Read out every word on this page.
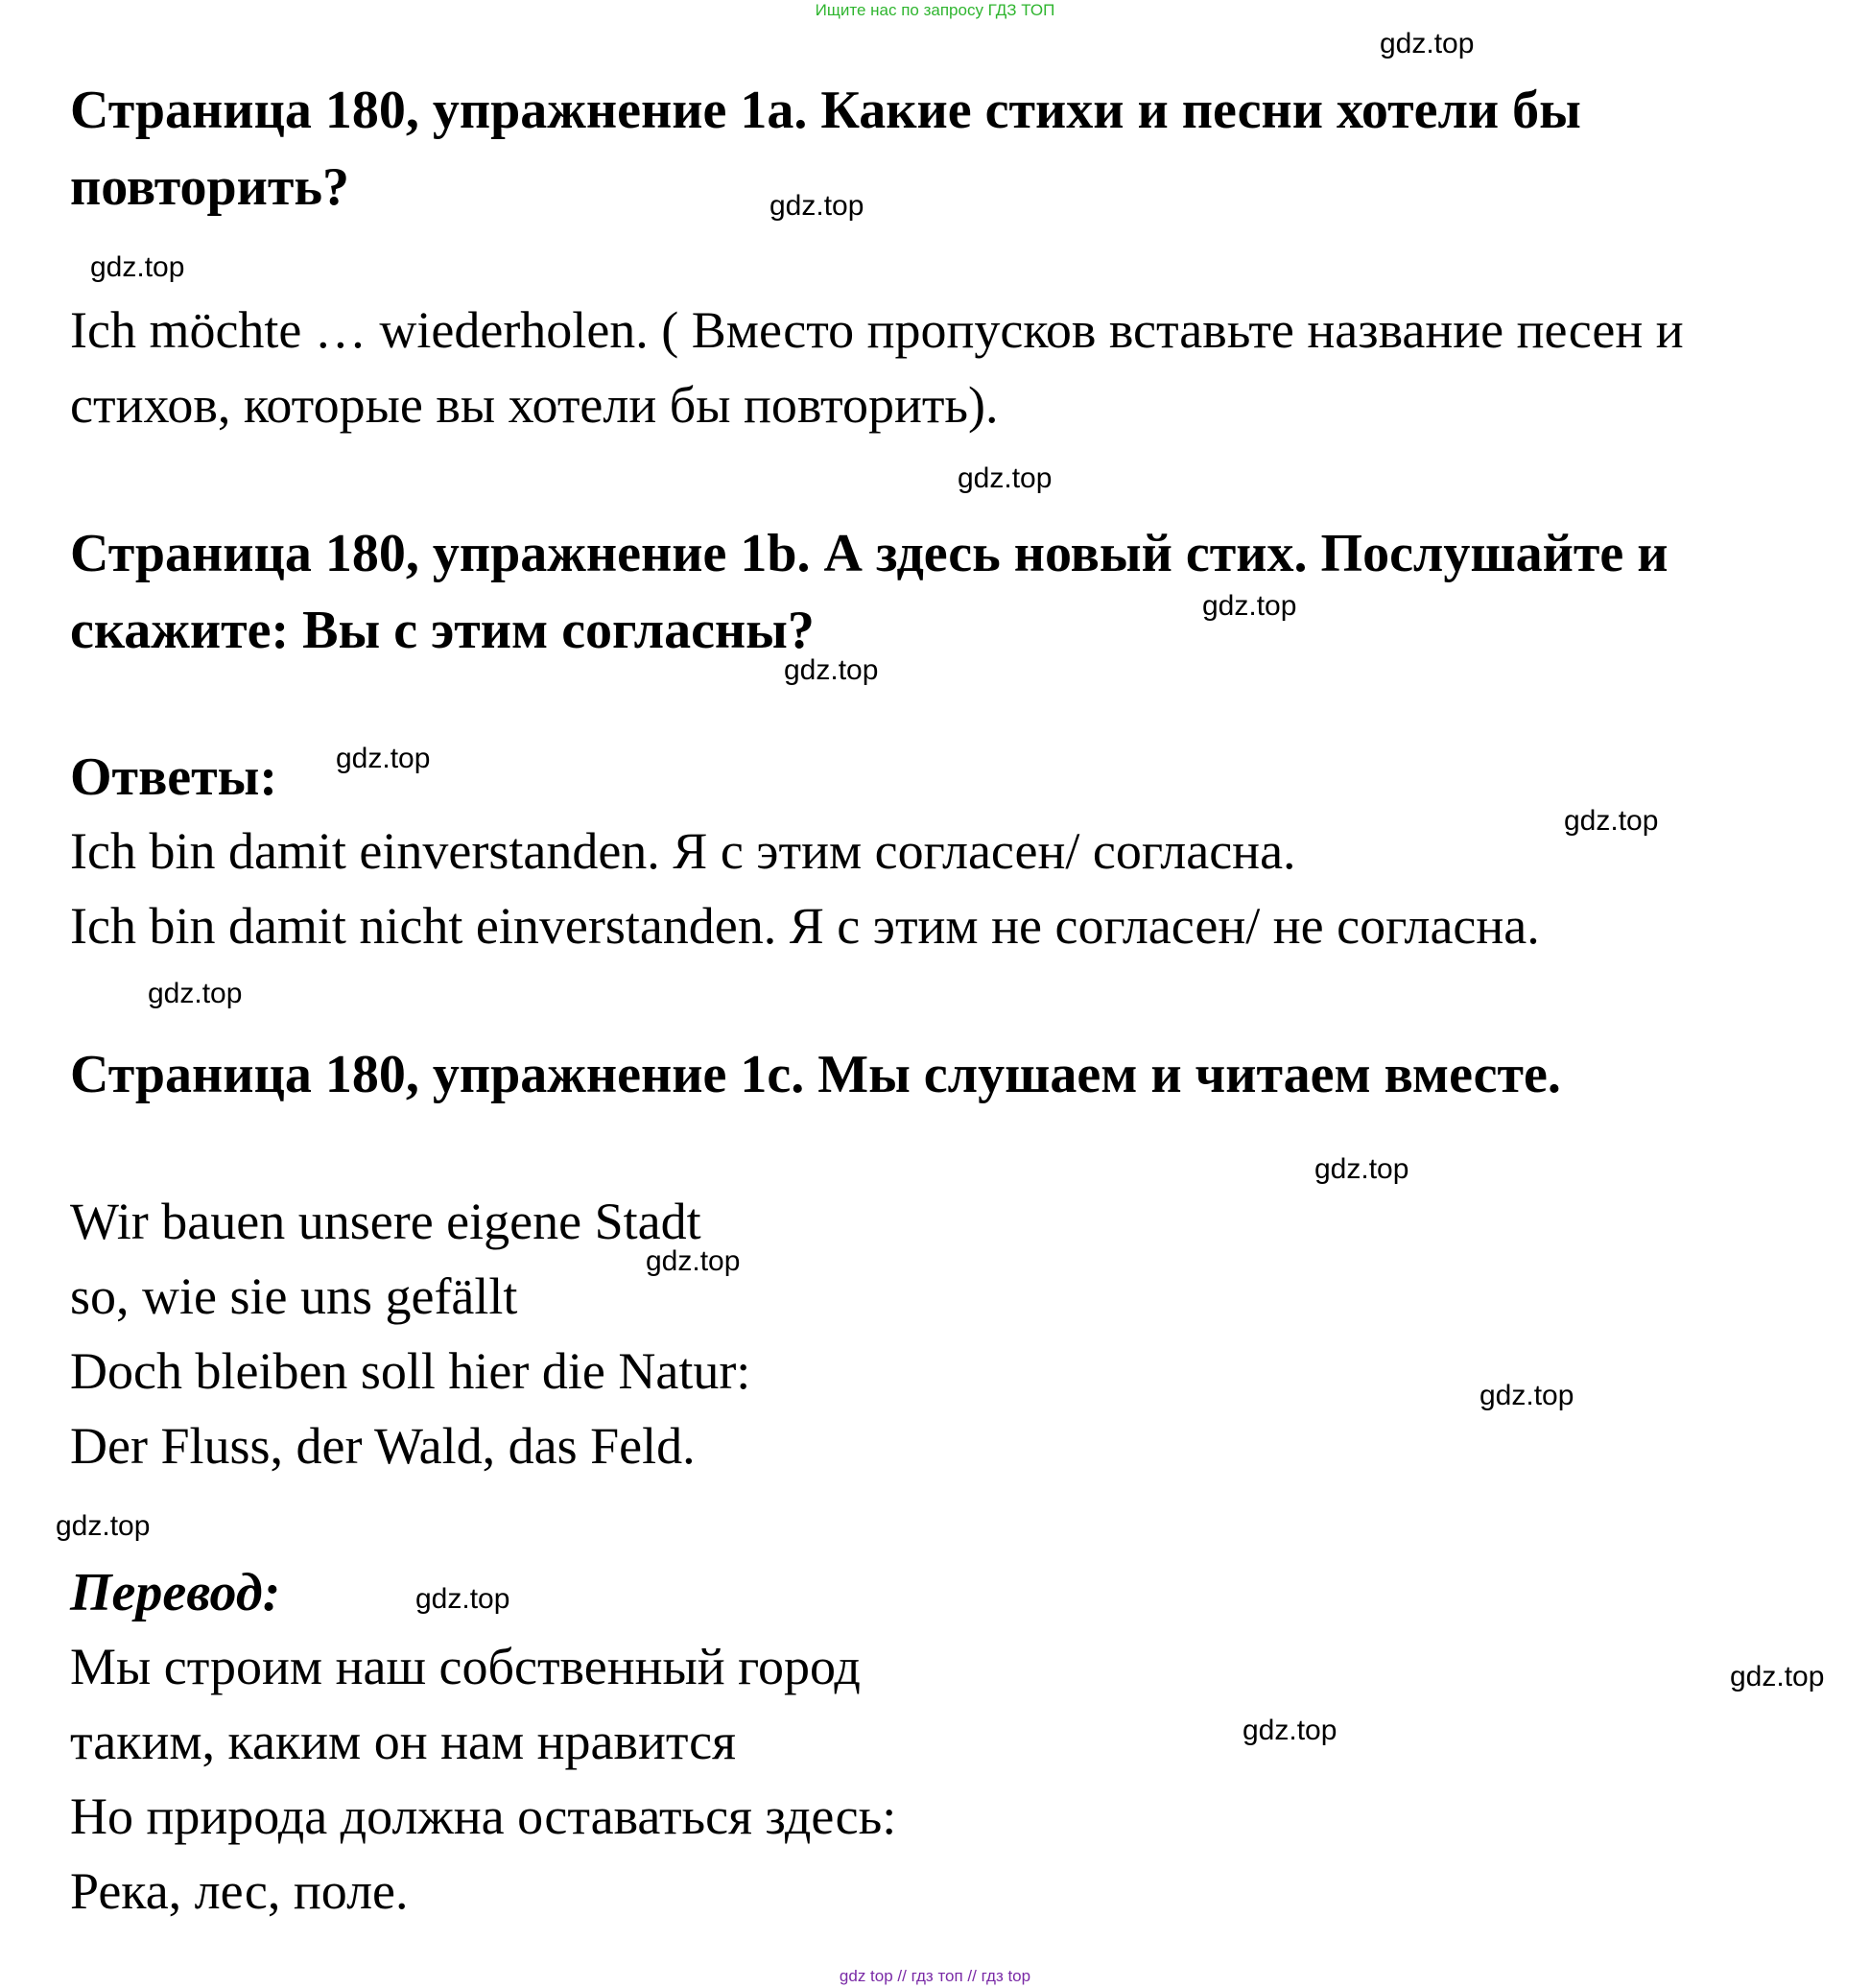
Ищите нас по запросу ГДЗ ТОП
Страница 180, упражнение 1a. Какие стихи и песни хотели бы повторить?
Ich möchte … wiederholen. ( Вместо пропусков вставьте название песен и
стихов, которые вы хотели бы повторить).
Страница 180, упражнение 1b. А здесь новый стих. Послушайте и скажите: Вы с этим согласны?
Ответы:
Ich bin damit einverstanden. Я с этим согласен/ согласна.
Ich bin damit nicht einverstanden. Я с этим не согласен/ не согласна.
Страница 180, упражнение 1c. Мы слушаем и читаем вместе.
Wir bauen unsere eigene Stadt
so, wie sie uns gefällt
Doch bleiben soll hier die Natur:
Der Fluss, der Wald, das Feld.
Перевод:
Мы строим наш собственный город
таким, каким он нам нравится
Но природа должна оставаться здесь:
Река, лес, поле.
gdz.top
gdz.top
gdz.top
gdz.top
gdz.top
gdz.top
gdz.top
gdz.top
gdz.top
gdz.top
gdz.top
gdz.top
gdz.top
gdz.top
gdz.top
gdz.top
gdz top // гдз топ // гдз top
